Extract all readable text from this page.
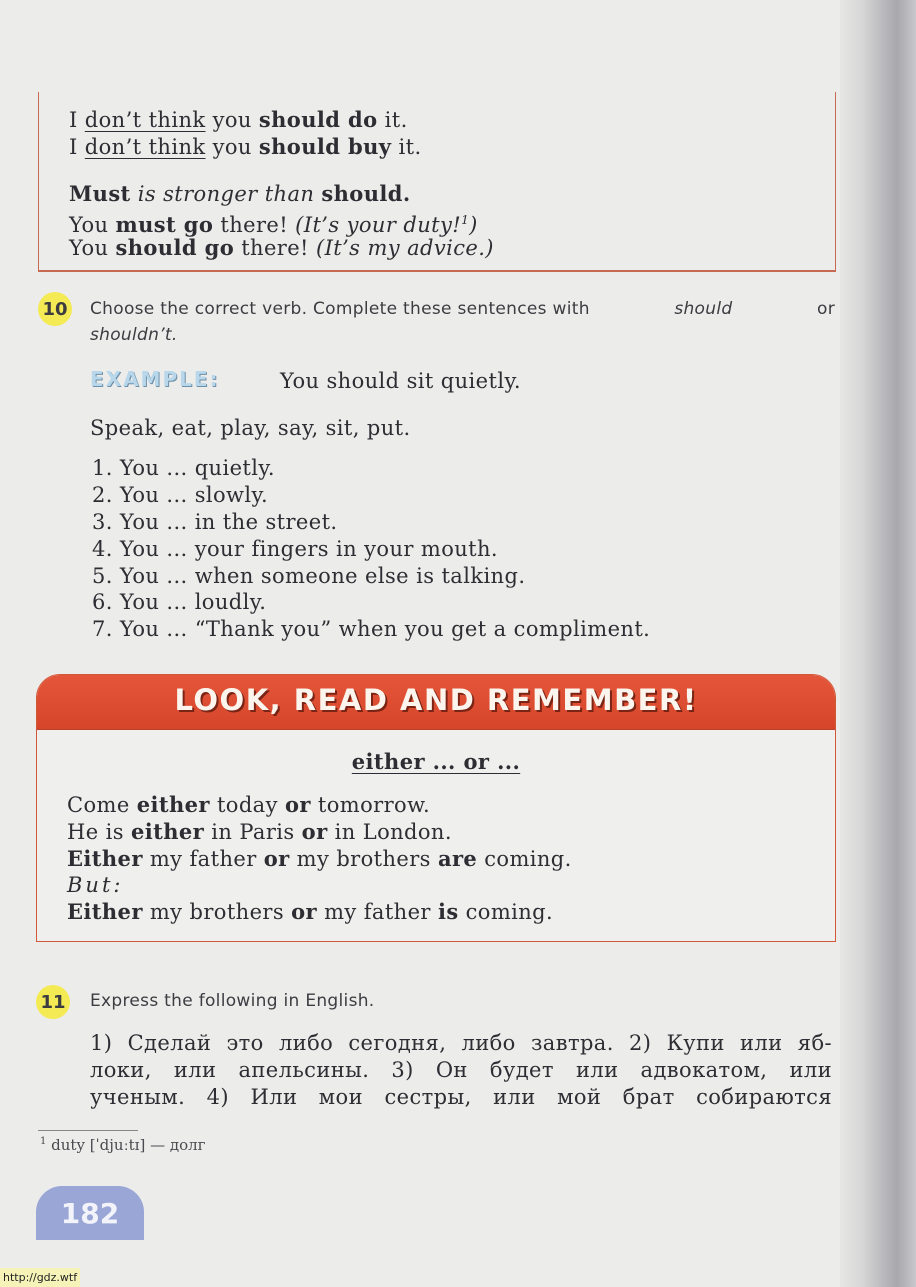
I don’t think you should do it.
I don’t think you should buy it.
Must is stronger than should.
You must go there! (It’s your duty!$^1$)
You should go there! (It’s my advice.)
10 Choose the correct verb. Complete these sentences with	should	or
shouldn’t.
EXAMPLE:	You should sit quietly.
Speak, eat, play, say, sit, put.
1. You ... quietly.
2. You ... slowly.
3. You ... in the street.
4. You ... your fingers in your mouth.
5. You ... when someone else is talking.
6. You ... loudly.
7. You ... “Thank you” when you get a compliment.
LOOK, READ AND REMEMBER!
either ... or ...
Come either today or tomorrow.
He is either in Paris or in London.
Either my father or my brothers are coming.
But:
Either my brothers or my father is coming.
11 Express the following in English.
1) Сделай это либо сегодня, либо завтра. 2) Купи или яб-
локи, или апельсины. 3) Он будет или адвокатом, или
ученым. 4) Или мои сестры, или мой брат собираются
$^1$ duty [ˈdjuːtɪ] — долг
182
http://gdz.wtf
